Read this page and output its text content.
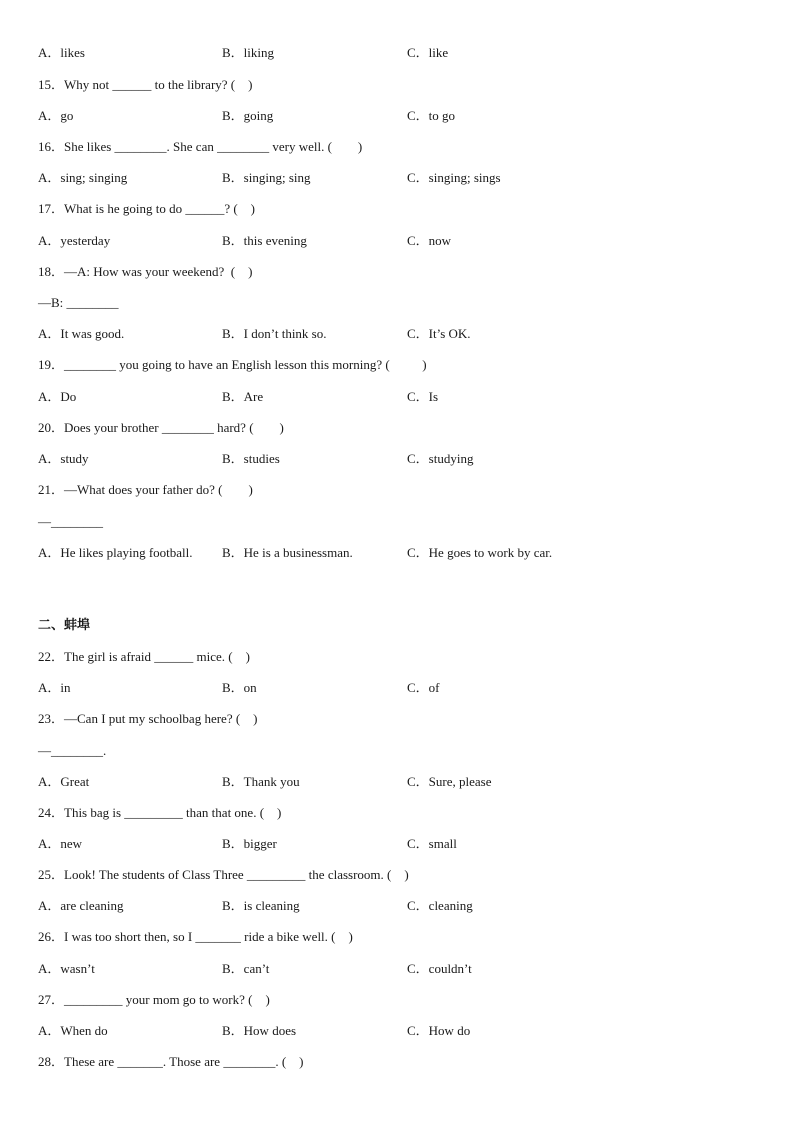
A．likes	B．liking	C．like
15．Why not ______ to the library? (    )
A．go	B．going	C．to go
16．She likes ________. She can ________ very well. (        )
A．sing; singing	B．singing; sing	C．singing; sings
17．What is he going to do ______? (    )
A．yesterday	B．this evening	C．now
18．—A: How was your weekend?  (    )
—B: ________
A．It was good.	B．I don’t think so.	C．It’s OK.
19．________ you going to have an English lesson this morning? (          )
A．Do	B．Are	C．Is
20．Does your brother ________ hard? (        )
A．study	B．studies	C．studying
21．—What does your father do? (        )
—________
A．He likes playing football. B．He is a businessman.	C．He goes to work by car.
二、蚌埠
22．The girl is afraid ______ mice. (    )
A．in	B．on	C．of
23．—Can I put my schoolbag here? (    )
—________.
A．Great	B．Thank you	C．Sure, please
24．This bag is _________ than that one. (    )
A．new	B．bigger	C．small
25．Look! The students of Class Three _________ the classroom. (    )
A．are cleaning	B．is cleaning	C．cleaning
26．I was too short then, so I _______ ride a bike well. (    )
A．wasn’t	B．can’t	C．couldn’t
27．_________ your mom go to work? (    )
A．When do	B．How does	C．How do
28．These are _______. Those are ________. (    )
